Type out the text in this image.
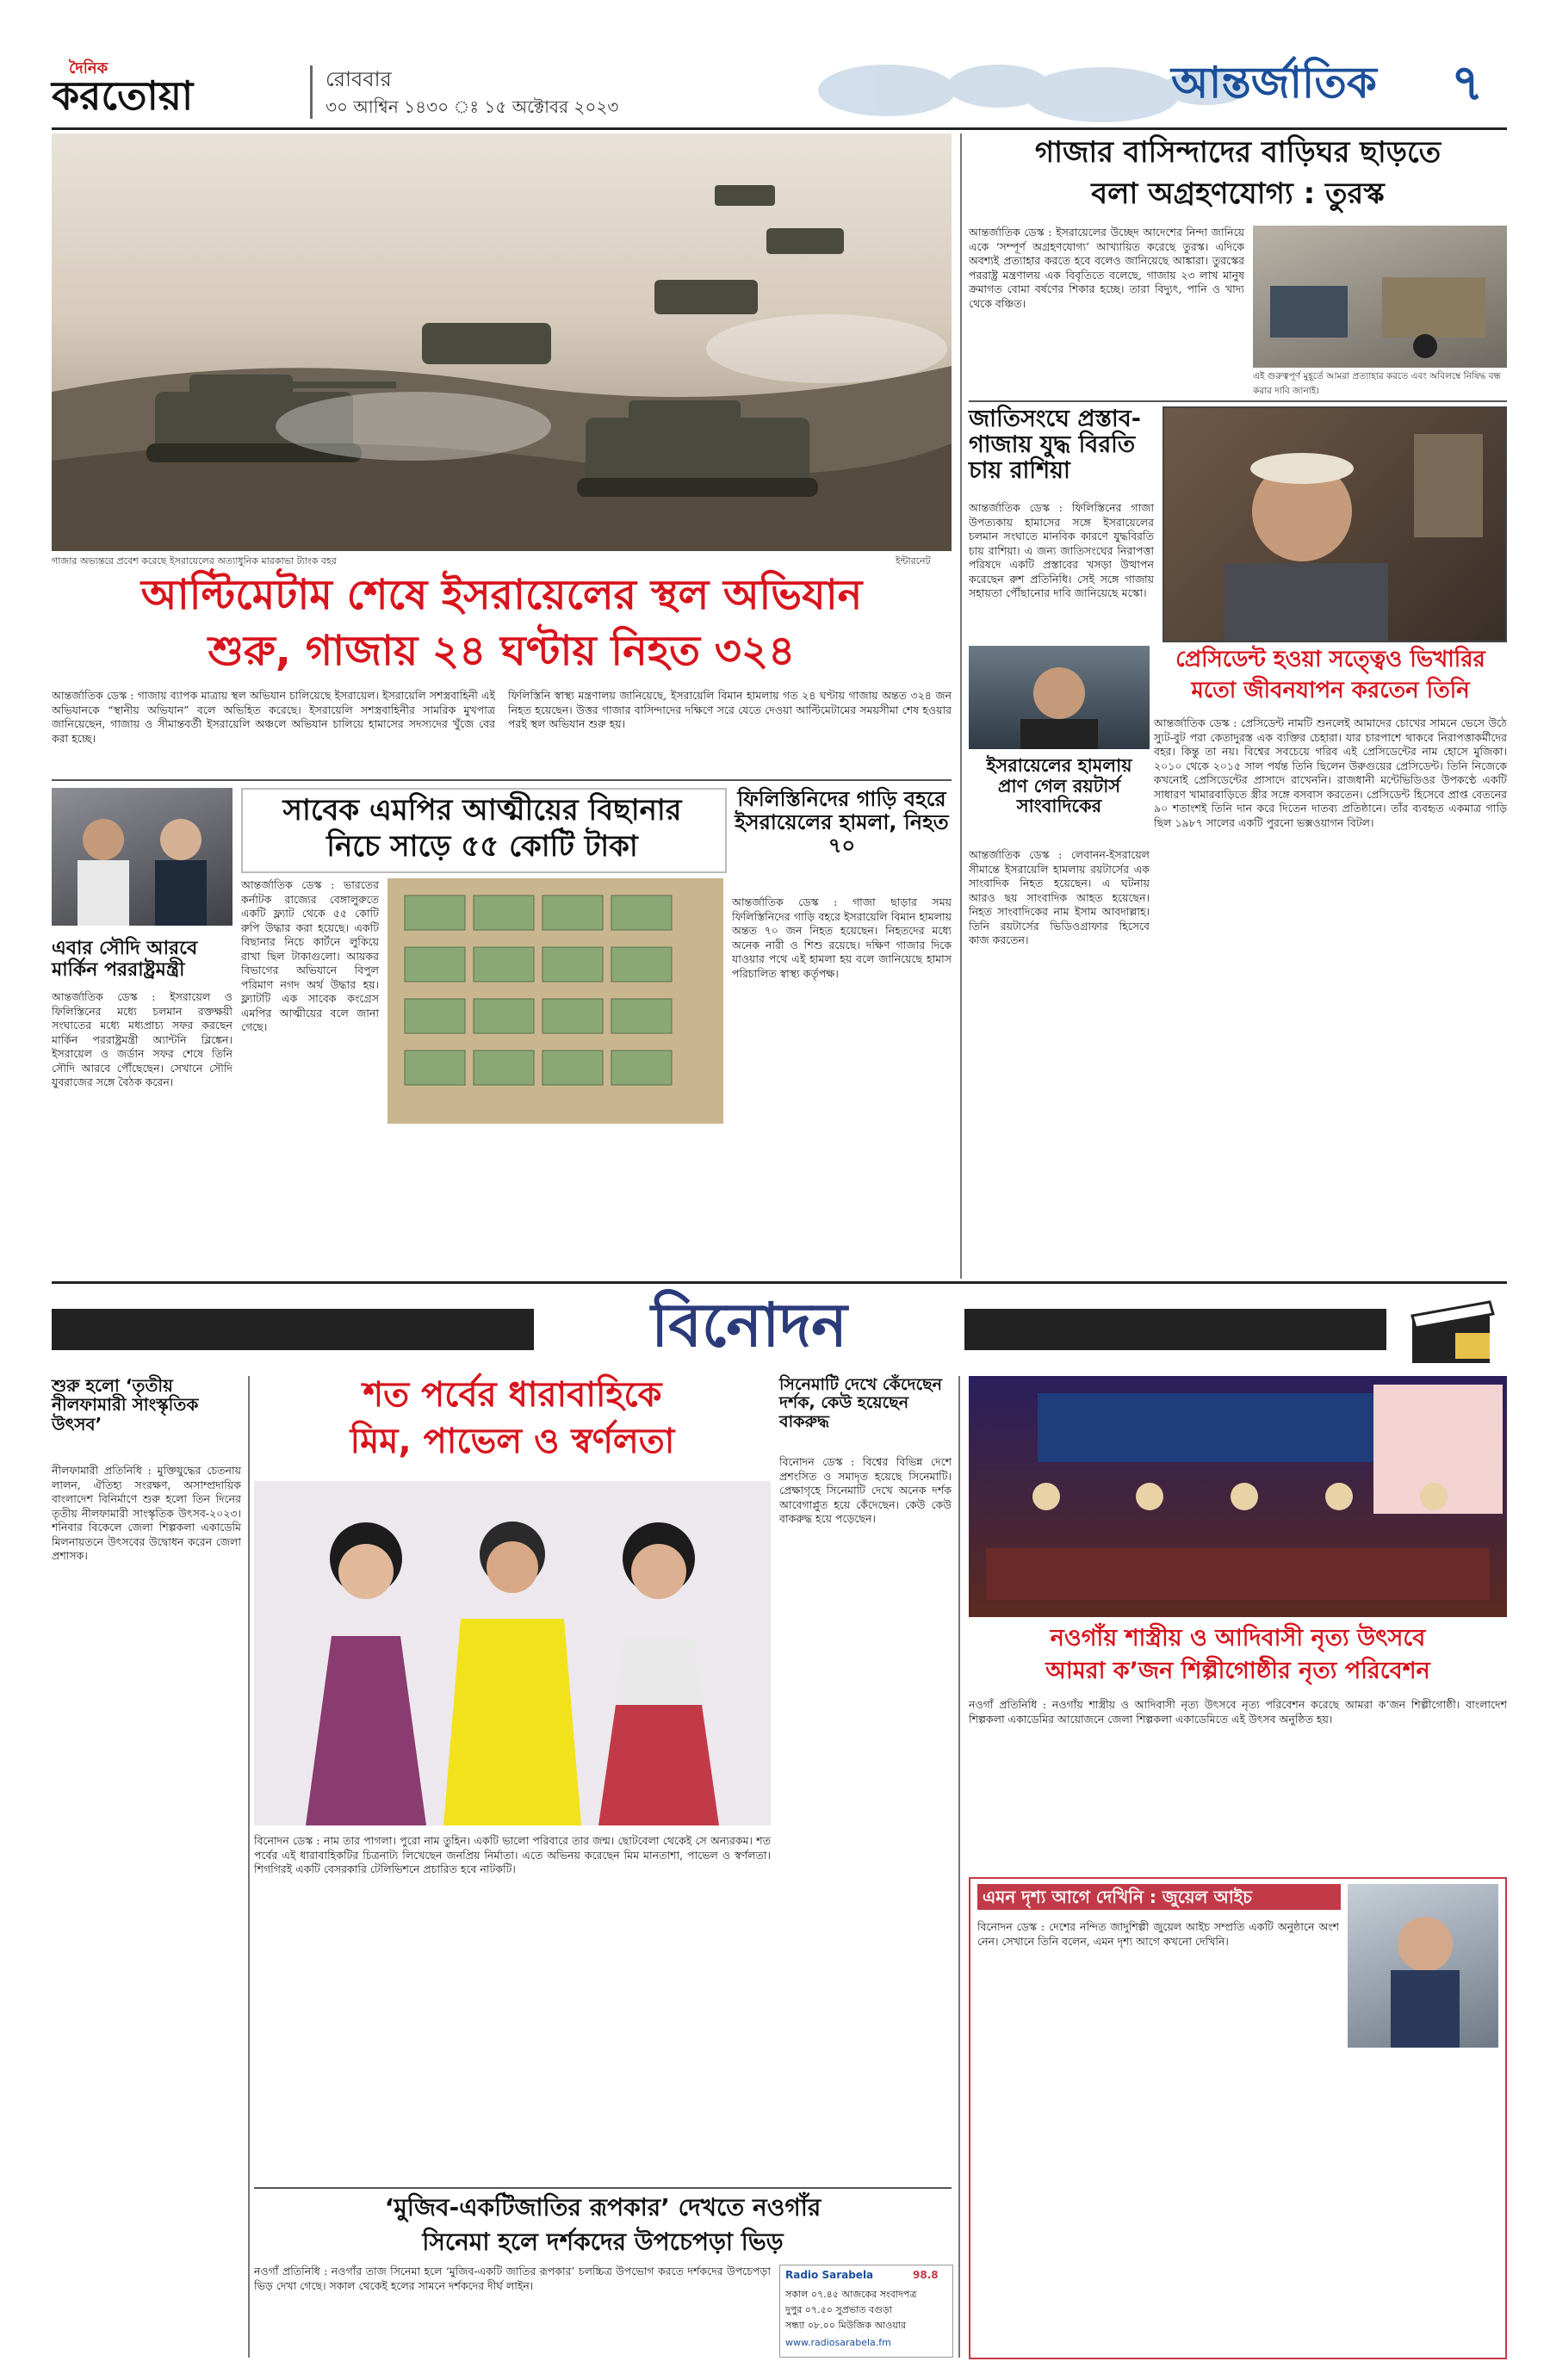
দৈনিক
করতোয়া	রোববার
৩০ আশ্বিন ১৪৩০ ঃ ১৫ অক্টোবর ২০২৩	আন্তর্জাতিক ৭
গাজার অভ্যন্তরে প্রবেশ করেছে ইসরায়েলের অত্যাধুনিক মারকাভা ট্যাংক বহর	ইন্টারনেট
আল্টিমেটাম শেষে ইসরায়েলের স্থল অভিযান
শুরু, গাজায় ২৪ ঘণ্টায় নিহত ৩২৪
আন্তর্জাতিক ডেস্ক : গাজায় ব্যাপক মাত্রায় স্থল অভিযান চালিয়েছে ইসরায়েল। ইসরায়েলি সশস্ত্রবাহিনী এই অভিযানকে “স্থানীয় অভিযান” বলে অভিহিত করেছে। ইসরায়েলি সশস্ত্রবাহিনীর সামরিক মুখপাত্র জানিয়েছেন, গাজায় ও সীমান্তবর্তী ইসরায়েলি অঞ্চলে অভিযান চালিয়ে হামাসের সদস্যদের খুঁজে বের করা হচ্ছে।
ফিলিস্তিনি স্বাস্থ্য মন্ত্রণালয় জানিয়েছে, ইসরায়েলি বিমান হামলায় গত ২৪ ঘণ্টায় গাজায় অন্তত ৩২৪ জন নিহত হয়েছেন। উত্তর গাজার বাসিন্দাদের দক্ষিণে সরে যেতে দেওয়া আল্টিমেটামের সময়সীমা শেষ হওয়ার পরই স্থল অভিযান শুরু হয়।
গাজার বাসিন্দাদের বাড়িঘর ছাড়তে
বলা অগ্রহণযোগ্য : তুরস্ক
আন্তর্জাতিক ডেস্ক : ইসরায়েলের উচ্ছেদ আদেশের নিন্দা জানিয়ে একে ‘সম্পূর্ণ অগ্রহণযোগ্য’ আখ্যায়িত করেছে তুরস্ক। এদিকে অবশ্যই প্রত্যাহার করতে হবে বলেও জানিয়েছে আঙ্কারা। তুরস্কের পররাষ্ট্র মন্ত্রণালয় এক বিবৃতিতে বলেছে, গাজায় ২৩ লাখ মানুষ ক্রমাগত বোমা বর্ষণের শিকার হচ্ছে। তারা বিদ্যুৎ, পানি ও খাদ্য থেকে বঞ্চিত।
এই গুরুত্বপূর্ণ মুহূর্তে আমরা প্রত্যাহার করতে এবং অবিলম্বে নিষিদ্ধ বন্ধ করার দাবি জানাই।
জাতিসংঘে প্রস্তাব- গাজায় যুদ্ধ বিরতি চায় রাশিয়া
আন্তর্জাতিক ডেস্ক : ফিলিস্তিনের গাজা উপত্যকায় হামাসের সঙ্গে ইসরায়েলের চলমান সংঘাতে মানবিক কারণে যুদ্ধবিরতি চায় রাশিয়া। এ জন্য জাতিসংঘের নিরাপত্তা পরিষদে একটি প্রস্তাবের খসড়া উত্থাপন করেছেন রুশ প্রতিনিধি। সেই সঙ্গে গাজায় সহায়তা পৌঁছানোর দাবি জানিয়েছে মস্কো।
প্রেসিডেন্ট হওয়া সত্ত্বেও ভিখারির
মতো জীবনযাপন করতেন তিনি
আন্তর্জাতিক ডেস্ক : প্রেসিডেন্ট নামটি শুনলেই আমাদের চোখের সামনে ভেসে উঠে স্যুট-বুট পরা কেতাদুরস্ত এক ব্যক্তির চেহারা। যার চারপাশে থাকবে নিরাপত্তাকর্মীদের বহর। কিন্তু তা নয়। বিশ্বের সবচেয়ে গরিব এই প্রেসিডেন্টের নাম হোসে মুজিকা। ২০১০ থেকে ২০১৫ সাল পর্যন্ত তিনি ছিলেন উরুগুয়ের প্রেসিডেন্ট। তিনি নিজেকে কখনোই প্রেসিডেন্টের প্রাসাদে রাখেননি। রাজধানী মন্টেভিডিওর উপকণ্ঠে একটি সাধারণ খামারবাড়িতে স্ত্রীর সঙ্গে বসবাস করতেন। প্রেসিডেন্ট হিসেবে প্রাপ্ত বেতনের ৯০ শতাংশই তিনি দান করে দিতেন দাতব্য প্রতিষ্ঠানে। তাঁর ব্যবহৃত একমাত্র গাড়ি ছিল ১৯৮৭ সালের একটি পুরনো ভক্সওয়াগন বিটল।
ইসরায়েলের হামলায় প্রাণ গেল রয়টার্স সাংবাদিকের
আন্তর্জাতিক ডেস্ক : লেবানন-ইসরায়েল সীমান্তে ইসরায়েলি হামলায় রয়টার্সের এক সাংবাদিক নিহত হয়েছেন। এ ঘটনায় আরও ছয় সাংবাদিক আহত হয়েছেন। নিহত সাংবাদিকের নাম ইসাম আবদাল্লাহ। তিনি রয়টার্সের ভিডিওগ্রাফার হিসেবে কাজ করতেন।
এবার সৌদি আরবে মার্কিন পররাষ্ট্রমন্ত্রী
আন্তর্জাতিক ডেস্ক : ইসরায়েল ও ফিলিস্তিনের মধ্যে চলমান রক্তক্ষয়ী সংঘাতের মধ্যে মধ্যপ্রাচ্য সফর করছেন মার্কিন পররাষ্ট্রমন্ত্রী অ্যান্টনি ব্লিঙ্কেন। ইসরায়েল ও জর্ডান সফর শেষে তিনি সৌদি আরবে পৌঁছেছেন। সেখানে সৌদি যুবরাজের সঙ্গে বৈঠক করেন।
সাবেক এমপির আত্মীয়ের বিছানার
নিচে সাড়ে ৫৫ কোটি টাকা
আন্তর্জাতিক ডেস্ক : ভারতের কর্নাটক রাজ্যের বেঙ্গালুরুতে একটি ফ্ল্যাট থেকে ৫৫ কোটি রুপি উদ্ধার করা হয়েছে। একটি বিছানার নিচে কার্টনে লুকিয়ে রাখা ছিল টাকাগুলো। আয়কর বিভাগের অভিযানে বিপুল পরিমাণ নগদ অর্থ উদ্ধার হয়। ফ্ল্যাটটি এক সাবেক কংগ্রেস এমপির আত্মীয়ের বলে জানা গেছে।
ফিলিস্তিনিদের গাড়ি বহরে ইসরায়েলের হামলা, নিহত ৭০
আন্তর্জাতিক ডেস্ক : গাজা ছাড়ার সময় ফিলিস্তিনিদের গাড়ি বহরে ইসরায়েলি বিমান হামলায় অন্তত ৭০ জন নিহত হয়েছেন। নিহতদের মধ্যে অনেক নারী ও শিশু রয়েছে। দক্ষিণ গাজার দিকে যাওয়ার পথে এই হামলা হয় বলে জানিয়েছে হামাস পরিচালিত স্বাস্থ্য কর্তৃপক্ষ।
বিনোদন
শুরু হলো ‘তৃতীয় নীলফামারী সাংস্কৃতিক উৎসব’
নীলফামারী প্রতিনিধি : মুক্তিযুদ্ধের চেতনায় লালন, ঐতিহ্য সংরক্ষণ, অসাম্প্রদায়িক বাংলাদেশ বিনির্মাণে শুরু হলো তিন দিনের তৃতীয় নীলফামারী সাংস্কৃতিক উৎসব-২০২৩। শনিবার বিকেলে জেলা শিল্পকলা একাডেমি মিলনায়তনে উৎসবের উদ্বোধন করেন জেলা প্রশাসক।
শত পর্বের ধারাবাহিকে
মিম, পাভেল ও স্বর্ণলতা
বিনোদন ডেস্ক : নাম তার পাগলা। পুরো নাম তুহিন। একটি ভালো পরিবারে তার জন্ম। ছোটবেলা থেকেই সে অন্যরকম। শত পর্বের এই ধারাবাহিকটির চিত্রনাট্য লিখেছেন জনপ্রিয় নির্মাতা। এতে অভিনয় করেছেন মিম মানতাশা, পাভেল ও স্বর্ণলতা। শিগগিরই একটি বেসরকারি টেলিভিশনে প্রচারিত হবে নাটকটি।
সিনেমাটি দেখে কেঁদেছেন দর্শক, কেউ হয়েছেন বাকরুদ্ধ
বিনোদন ডেস্ক : বিশ্বের বিভিন্ন দেশে প্রশংসিত ও সমাদৃত হয়েছে সিনেমাটি। প্রেক্ষাগৃহে সিনেমাটি দেখে অনেক দর্শক আবেগাপ্লুত হয়ে কেঁদেছেন। কেউ কেউ বাকরুদ্ধ হয়ে পড়েছেন।
নওগাঁয় শাস্ত্রীয় ও আদিবাসী নৃত্য উৎসবে
আমরা ক’জন শিল্পীগোষ্ঠীর নৃত্য পরিবেশন
নওগাঁ প্রতিনিধি : নওগাঁয় শাস্ত্রীয় ও আদিবাসী নৃত্য উৎসবে নৃত্য পরিবেশন করেছে আমরা ক’জন শিল্পীগোষ্ঠী। বাংলাদেশ শিল্পকলা একাডেমির আয়োজনে জেলা শিল্পকলা একাডেমিতে এই উৎসব অনুষ্ঠিত হয়।
এমন দৃশ্য আগে দেখিনি : জুয়েল আইচ
বিনোদন ডেস্ক : দেশের নন্দিত জাদুশিল্পী জুয়েল আইচ সম্প্রতি একটি অনুষ্ঠানে অংশ নেন। সেখানে তিনি বলেন, এমন দৃশ্য আগে কখনো দেখিনি।
‘মুজিব-একটিজাতির রূপকার’ দেখতে নওগাঁর
সিনেমা হলে দর্শকদের উপচেপড়া ভিড়
নওগাঁ প্রতিনিধি : নওগাঁর তাজ সিনেমা হলে ‘মুজিব-একটি জাতির রূপকার’ চলচ্চিত্র উপভোগ করতে দর্শকদের উপচেপড়া ভিড় দেখা গেছে। সকাল থেকেই হলের সামনে দর্শকদের দীর্ঘ লাইন।
Radio Sarabela	98.8
সকাল ০৭.৪৫ আজকের সংবাদপত্র
দুপুর ০৭.৫০ সুপ্রভাত বগুড়া
সন্ধ্যা ০৮.০০ মিউজিক আওয়ার
www.radiosarabela.fm
